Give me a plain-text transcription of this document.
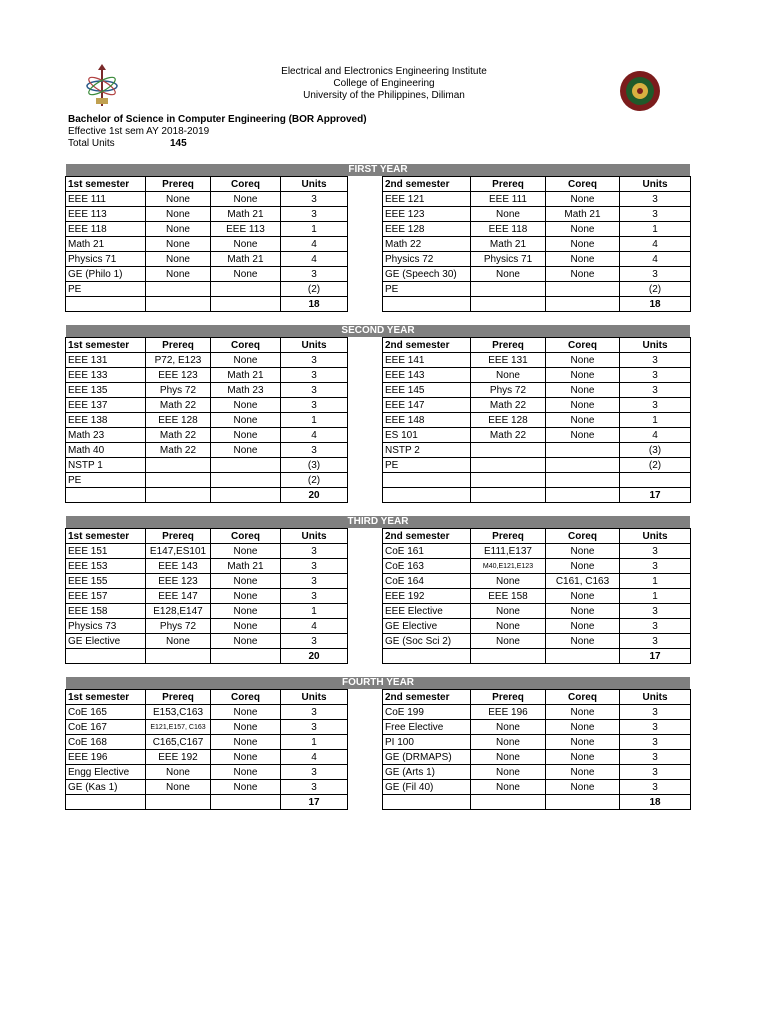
Electrical and Electronics Engineering Institute
College of Engineering
University of the Philippines, Diliman
Bachelor of Science in Computer Engineering (BOR Approved)
Effective 1st sem AY 2018-2019
Total Units	145
FIRST YEAR
1st semester	Prereq	Coreq	Units
EEE 111	None	None	3
EEE 113	None	Math 21	3
EEE 118	None	EEE 113	1
Math 21	None	None	4
Physics 71	None	Math 21	4
GE (Philo 1)	None	None	3
PE			(2)
			18
2nd semester	Prereq	Coreq	Units
EEE 121	EEE 111	None	3
EEE 123	None	Math 21	3
EEE 128	EEE 118	None	1
Math 22	Math 21	None	4
Physics 72	Physics 71	None	4
GE (Speech 30)	None	None	3
PE			(2)
			18
SECOND YEAR
1st semester	Prereq	Coreq	Units
EEE 131	P72, E123	None	3
EEE 133	EEE 123	Math 21	3
EEE 135	Phys 72	Math 23	3
EEE 137	Math 22	None	3
EEE 138	EEE 128	None	1
Math 23	Math 22	None	4
Math 40	Math 22	None	3
NSTP 1			(3)
PE			(2)
			20
2nd semester	Prereq	Coreq	Units
EEE 141	EEE 131	None	3
EEE 143	None	None	3
EEE 145	Phys 72	None	3
EEE 147	Math 22	None	3
EEE 148	EEE 128	None	1
ES 101	Math 22	None	4
NSTP 2			(3)
PE			(2)

			17
THIRD YEAR
1st semester	Prereq	Coreq	Units
EEE 151	E147,ES101	None	3
EEE 153	EEE 143	Math 21	3
EEE 155	EEE 123	None	3
EEE 157	EEE 147	None	3
EEE 158	E128,E147	None	1
Physics 73	Phys 72	None	4
GE Elective	None	None	3
			20
2nd semester	Prereq	Coreq	Units
CoE 161	E111,E137	None	3
CoE 163	M40,E121,E123	None	3
CoE 164	None	C161, C163	1
EEE 192	EEE 158	None	1
EEE Elective	None	None	3
GE Elective	None	None	3
GE (Soc Sci 2)	None	None	3
			17
FOURTH YEAR
1st semester	Prereq	Coreq	Units
CoE 165	E153,C163	None	3
CoE 167	E121,E157, C163	None	3
CoE 168	C165,C167	None	1
EEE 196	EEE 192	None	4
Engg Elective	None	None	3
GE (Kas 1)	None	None	3
			17
2nd semester	Prereq	Coreq	Units
CoE 199	EEE 196	None	3
Free Elective	None	None	3
PI 100	None	None	3
GE (DRMAPS)	None	None	3
GE (Arts 1)	None	None	3
GE (Fil 40)	None	None	3
			18
